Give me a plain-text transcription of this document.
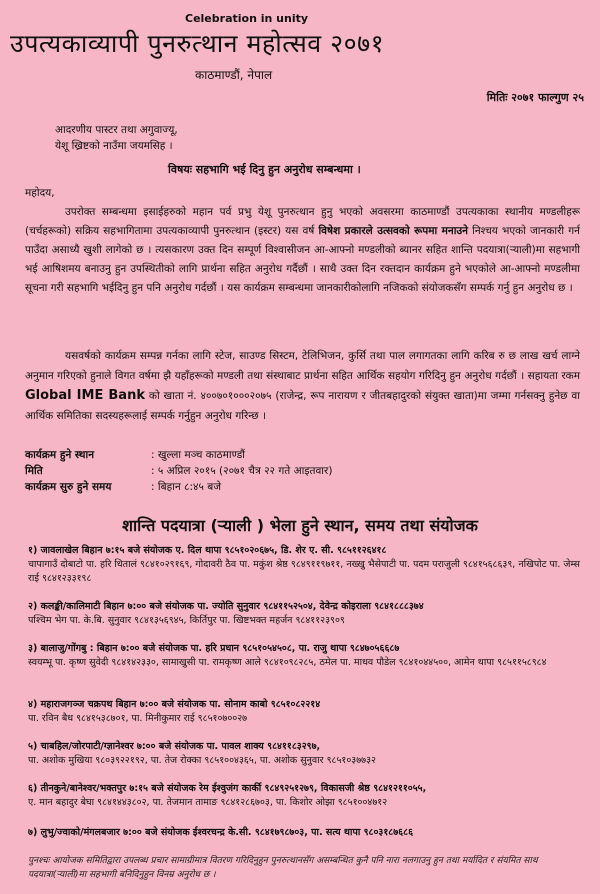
Celebration in unity
उपत्यकाव्यापी पुनरुत्थान महोत्सव २०७१
काठमाण्डौं, नेपाल
मितिः २०७१ फाल्गुण २५
आदरणीय पास्टर तथा अगुवाज्यू,
येशू ख्रिष्टको नाउँमा जयमसिह ।
विषयः सहभागि भई दिनु हुन अनुरोध सम्बन्धमा ।
महोदय,
उपरोक्त सम्बन्धमा इसाईहरुको महान पर्व प्रभु येशू पुनरुत्थान हुनु भएको अवसरमा काठमाण्डौं उपत्यकाका स्थानीय मण्डलीहरू (चर्चहरूको) सक्रिय सहभागितामा उपत्यकाव्यापी पुनरुत्थान (इस्टर) यस वर्ष विषेश प्रकारले उत्सवको रूपमा मनाउने निश्चय भएको जानकारी गर्न पाउँदा असाध्यै खुशी लागेको छ । त्यसकारण उक्त दिन सम्पूर्ण विश्वासीजन आ-आफ्नो मण्डलीको ब्यानर सहित शान्ति पदयात्रा(र्‍याली)मा सहभागी भई आषिशमय बनाउनु हुन उपस्थितीको लागि प्रार्थना सहित अनुरोध गर्दैछौं । साथै उक्त दिन रक्तदान कार्यक्रम हुने भएकोले आ-आफ्नो मण्डलीमा सूचना गरी सहभागि भईदिनु हुन पनि अनुरोध गर्दछौं । यस कार्यक्रम सम्बन्धमा जानकारीकोलागि नजिकको संयोजकसँग सम्पर्क गर्नु हुन अनुरोध छ ।
यसवर्षको कार्यक्रम सम्पन्न गर्नका लागि स्टेज, साउण्ड सिस्टम, टेलिभिजन, कुर्सि तथा पाल लगागतका लागि करिब रु छ लाख खर्च लाग्ने अनुमान गरिएको हुनाले विगत वर्षमा झै यहाँहरूको मण्डली तथा संस्थाबाट प्रार्थना सहित आर्थिक सहयोग गरिदिनु हुन अनुरोध गर्दछौं । सहायता रकम Global IME Bank को खाता नं. ४००७०१०००२०७५ (राजेन्द्र, रूप नारायण र जीतबहादुरको संयुक्त खाता)मा जम्मा गर्नसक्नु हुनेछ वा आर्थिक समितिका सदस्यहरूलाई सम्पर्क गर्नुहुन अनुरोध गरिन्छ ।
कार्यक्रम हुने स्थान	: खुल्ला मञ्च काठमाण्डौं
मिति	: ५ अप्रिल २०१५ (२०७१ चैत्र २२ गते आइतवार)
कार्यक्रम सुरु हुने समय	: बिहान ८:४५ बजे
शान्ति पदयात्रा (र्‍याली ) भेला हुने स्थान, समय तथा संयोजक
१) जावलाखेल बिहान ७:१५ बजे संयोजक ए. दिल थापा ९८५१०२०६७५, डि. शेर ए. सी. ९८५११२६४१८
चापागाउँ दोबाटो पा. हरि धितालं ९८४१०२९१६९, गोदावरी ठैव पा. मकुंश श्रेष्ठ ९८४९११९७११, नख्खु भैसेपाटी पा. पदम पराजुली ९८४१५६८६३९, नखिपोट पा. जेम्स राई ९८४१२३३१९८
२) कलङ्की/कालिमाटी बिहान ७:०० बजे संयोजक पा. ज्योति सुनुवार ९८४११५२५०४, देवेन्द्र कोइराला ९८४१८८८३७४
पश्चिम भेग पा. के.बि. सुनुवार ९८४१३५६९४५, किर्तिपुर पा. खिष्टभक्त महर्जन ९८४११२३९०९
३) बालाजु/गोंगबु : बिहान ७:०० बजे संयोजक पा. हरि प्रधान ९८५१०५४५०८, पा. राजु थापा ९८४७०५६६८७
स्वयम्भू पा. कृष्ण सुवेदी ९८४१४२३३०, सामाखुसी पा. रामकृष्ण आले ९८४१०९८२८५, ठमेल पा. माधव पौडेल ९८४१०४४५००, आमेन थापा ९८५११५८९८४
४) महाराजगञ्ज चक्रपथ बिहान ७:०० बजे संयोजक पा. सोनाम काबो ९८५१०८२२१४
पा. रविन बैध ९८४१५३८७०१, पा. मिनीकुमार राई ९८५१०७००२७
५) चाबहिल/जोरपाटी/ग्ज्ञानेश्वर ७:०० बजे संयोजक पा. पावल शाक्य ९८४११८३२९७,
पा. अशोक मुखिया ९८०३९२२१९२, पा. तेज रोक्का ९८५१००४३६५, पा. अशोक सुनुवार ९८५१०३७७३२
६) तीनकुने/बानेश्वर/भक्तपुर ७:१५ बजे संयोजक रेम ईश्वुजंग कार्की ९८४९२५१२७९, विकासजी श्रेष्ठ ९८४१२११०५५,
ए. मान बहादुर बेघा ९८४१४४३८०२, पा. तेजमान तामाङ ९८४१२८६७०३, पा. किशोर ओझा ९८५१००४७१२
७) लुभु/ज्वाको/मंगलबजार ७:०० बजे संयोजक ईश्वरचन्द्र के.सी. ९८४१७९८७०३, पा. सत्य थापा ९८०३१८७६८६
पुनश्चः आयोजक समितिद्वारा उपलब्ध प्रचार सामाग्रीमात्र वितरण गरिदिनुहुन पुनरुत्थानसँग असम्बन्धित कुनै पनि नारा नलगाउनु हुन तथा मर्यादित र संयमित साथ पदयात्रा(र्‍याली)मा सहभागी बनिदिनुहुन विनम्र अनुरोध छ ।
